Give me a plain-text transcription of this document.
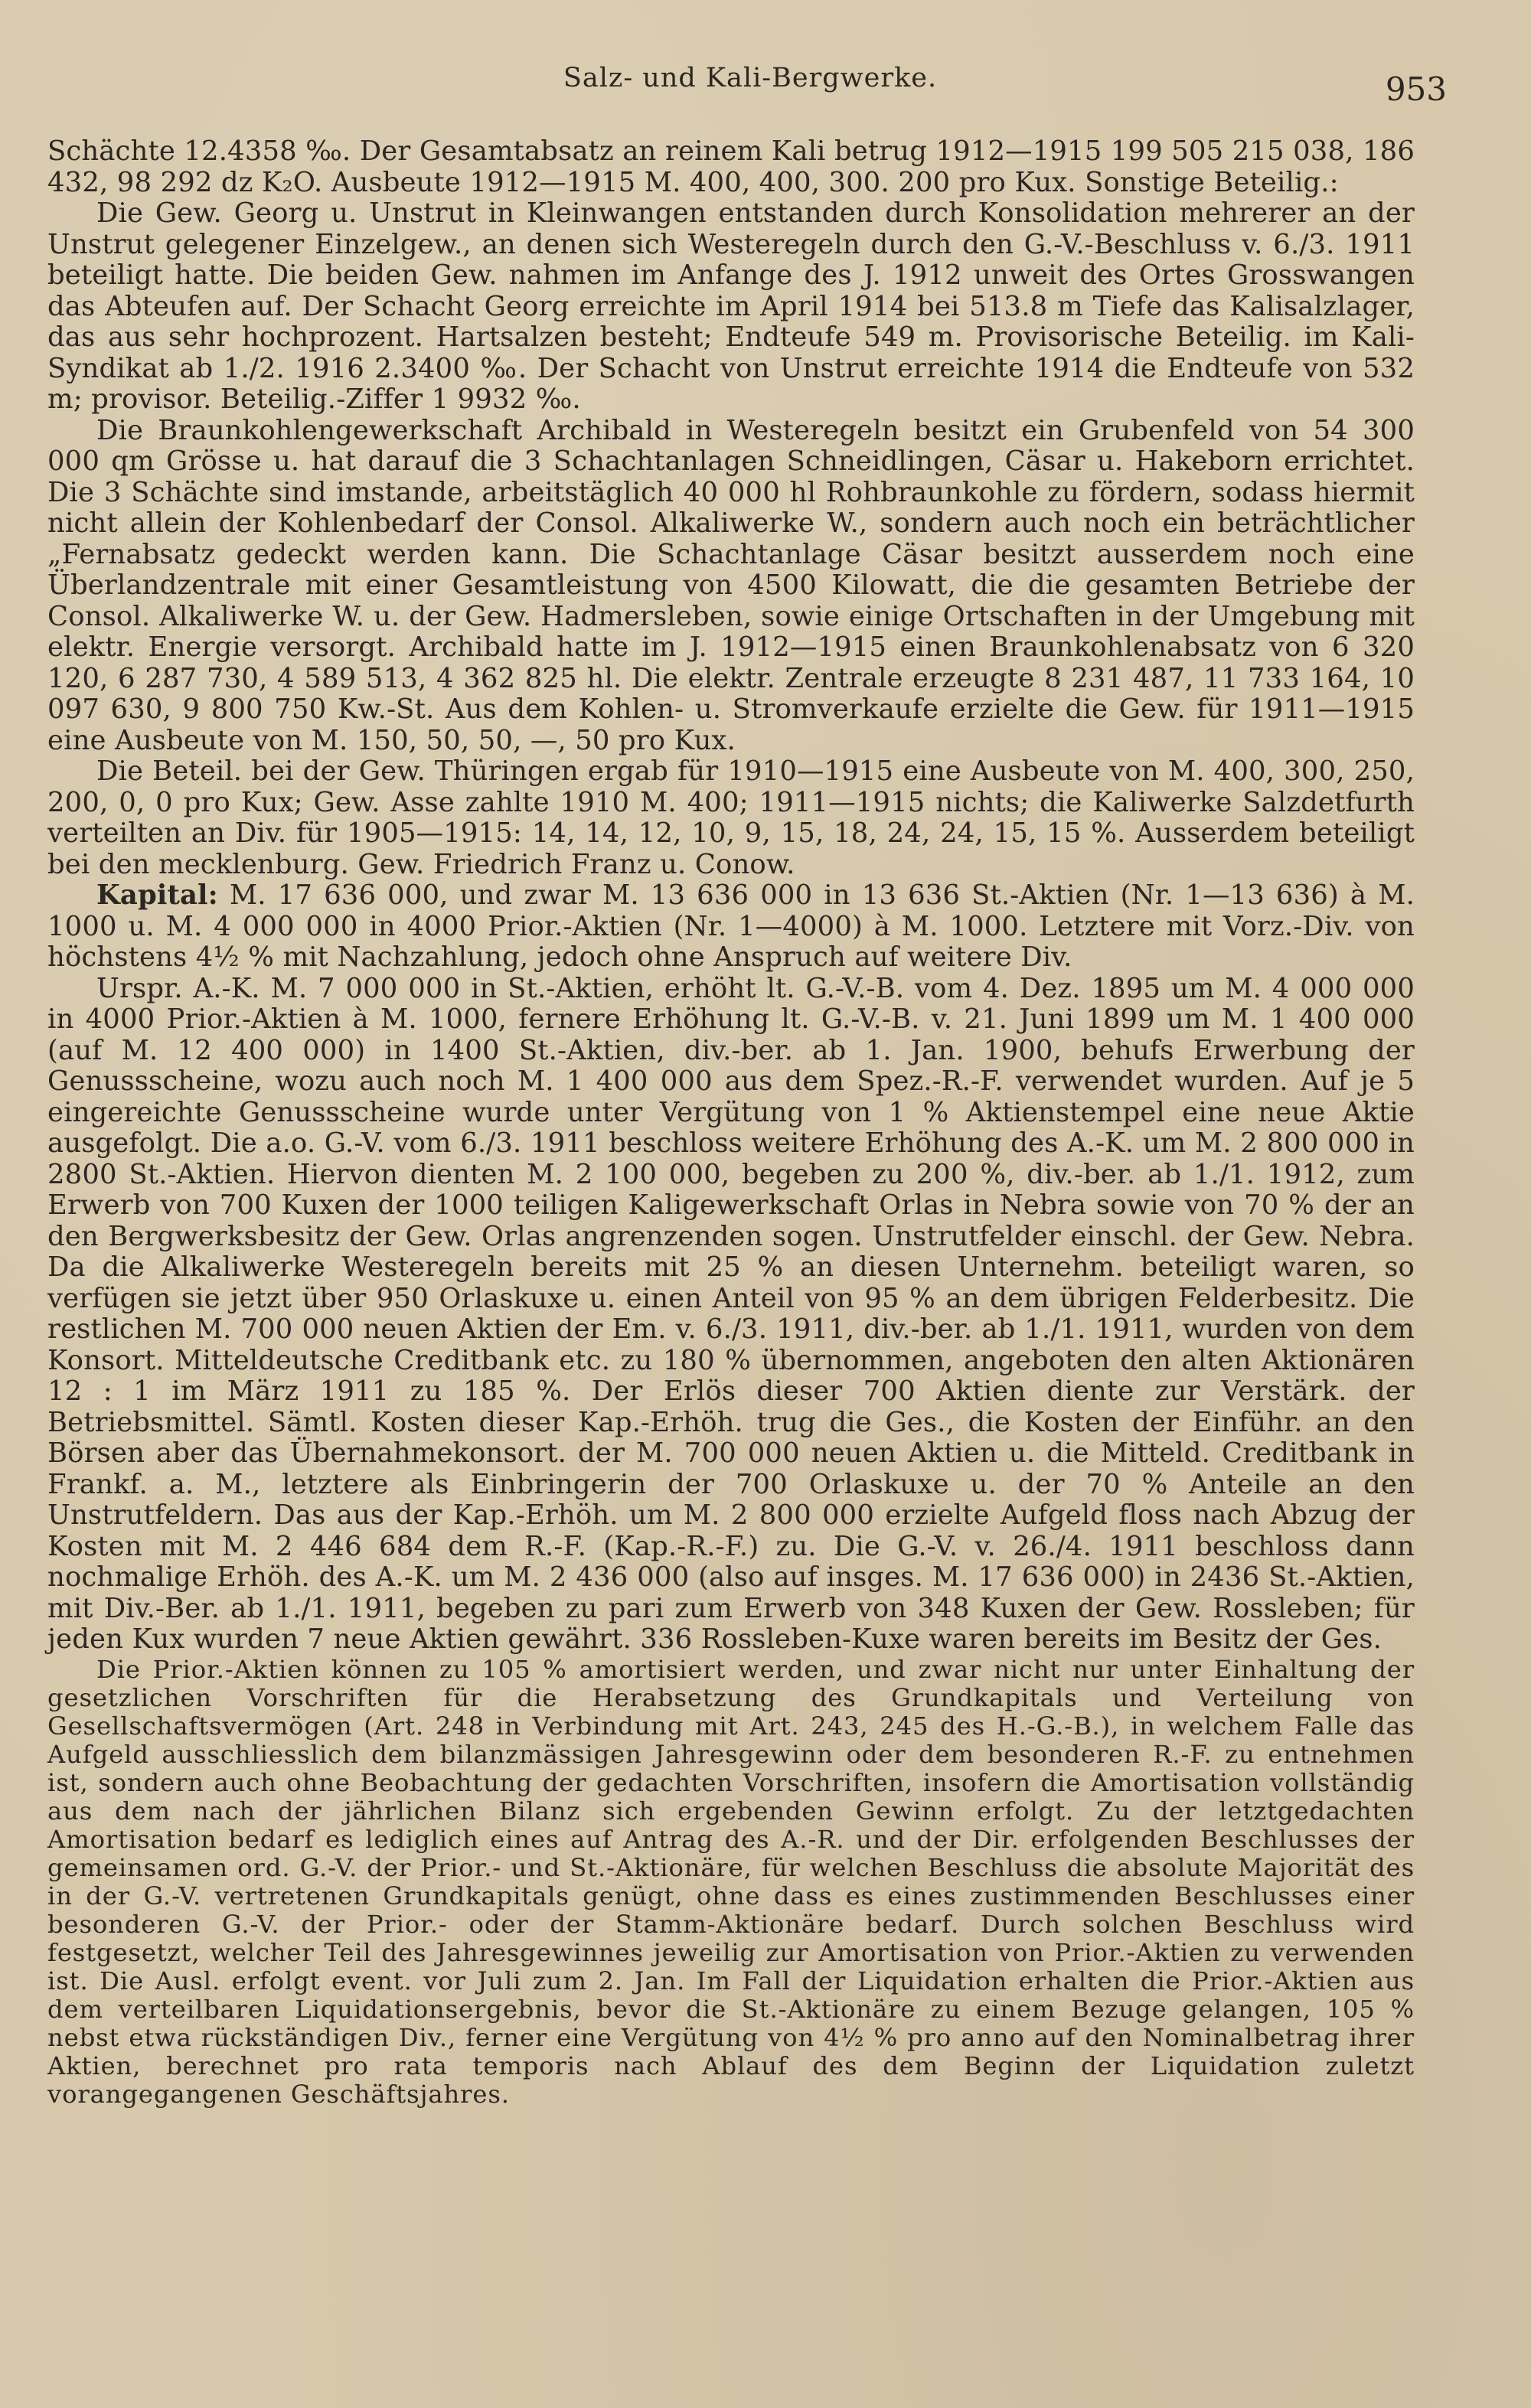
Salz- und Kali-Bergwerke.	953

Schächte 12.4358 ‰. Der Gesamtabsatz an reinem Kali betrug 1912—1915 199 505 215 038, 186 432, 98 292 dz K₂O. Ausbeute 1912—1915 M. 400, 400, 300. 200 pro Kux. Sonstige Beteilig.:

Die Gew. Georg u. Unstrut in Kleinwangen entstanden durch Konsolidation mehrerer an der Unstrut gelegener Einzelgew., an denen sich Westeregeln durch den G.-V.-Beschluss v. 6./3. 1911 beteiligt hatte. Die beiden Gew. nahmen im Anfange des J. 1912 unweit des Ortes Grosswangen das Abteufen auf. Der Schacht Georg erreichte im April 1914 bei 513.8 m Tiefe das Kalisalzlager, das aus sehr hochprozent. Hartsalzen besteht; Endteufe 549 m. Provisorische Beteilig. im Kali-Syndikat ab 1./2. 1916 2.3400 ‰. Der Schacht von Unstrut erreichte 1914 die Endteufe von 532 m; provisor. Beteilig.-Ziffer 1 9932 ‰.

Die Braunkohlengewerkschaft Archibald in Westeregeln besitzt ein Grubenfeld von 54 300 000 qm Grösse u. hat darauf die 3 Schachtanlagen Schneidlingen, Cäsar u. Hakeborn errichtet. Die 3 Schächte sind imstande, arbeitstäglich 40 000 hl Rohbraunkohle zu fördern, sodass hiermit nicht allein der Kohlenbedarf der Consol. Alkaliwerke W., sondern auch noch ein beträchtlicher „Fernabsatz gedeckt werden kann. Die Schachtanlage Cäsar besitzt ausserdem noch eine Überlandzentrale mit einer Gesamtleistung von 4500 Kilowatt, die die gesamten Betriebe der Consol. Alkaliwerke W. u. der Gew. Hadmersleben, sowie einige Ortschaften in der Umgebung mit elektr. Energie versorgt. Archibald hatte im J. 1912—1915 einen Braunkohlenabsatz von 6 320 120, 6 287 730, 4 589 513, 4 362 825 hl. Die elektr. Zentrale erzeugte 8 231 487, 11 733 164, 10 097 630, 9 800 750 Kw.-St. Aus dem Kohlen- u. Stromverkaufe erzielte die Gew. für 1911—1915 eine Ausbeute von M. 150, 50, 50, —, 50 pro Kux.

Die Beteil. bei der Gew. Thüringen ergab für 1910—1915 eine Ausbeute von M. 400, 300, 250, 200, 0, 0 pro Kux; Gew. Asse zahlte 1910 M. 400; 1911—1915 nichts; die Kaliwerke Salzdetfurth verteilten an Div. für 1905—1915: 14, 14, 12, 10, 9, 15, 18, 24, 24, 15, 15 %. Ausserdem beteiligt bei den mecklenburg. Gew. Friedrich Franz u. Conow.

Kapital: M. 17 636 000, und zwar M. 13 636 000 in 13 636 St.-Aktien (Nr. 1—13 636) à M. 1000 u. M. 4 000 000 in 4000 Prior.-Aktien (Nr. 1—4000) à M. 1000. Letztere mit Vorz.-Div. von höchstens 4½ % mit Nachzahlung, jedoch ohne Anspruch auf weitere Div.

Urspr. A.-K. M. 7 000 000 in St.-Aktien, erhöht lt. G.-V.-B. vom 4. Dez. 1895 um M. 4 000 000 in 4000 Prior.-Aktien à M. 1000, fernere Erhöhung lt. G.-V.-B. v. 21. Juni 1899 um M. 1 400 000 (auf M. 12 400 000) in 1400 St.-Aktien, div.-ber. ab 1. Jan. 1900, behufs Erwerbung der Genussscheine, wozu auch noch M. 1 400 000 aus dem Spez.-R.-F. verwendet wurden. Auf je 5 eingereichte Genussscheine wurde unter Vergütung von 1 % Aktienstempel eine neue Aktie ausgefolgt. Die a.o. G.-V. vom 6./3. 1911 beschloss weitere Erhöhung des A.-K. um M. 2 800 000 in 2800 St.-Aktien. Hiervon dienten M. 2 100 000, begeben zu 200 %, div.-ber. ab 1./1. 1912, zum Erwerb von 700 Kuxen der 1000 teiligen Kaligewerkschaft Orlas in Nebra sowie von 70 % der an den Bergwerksbesitz der Gew. Orlas angrenzenden sogen. Unstrutfelder einschl. der Gew. Nebra. Da die Alkaliwerke Westeregeln bereits mit 25 % an diesen Unternehm. beteiligt waren, so verfügen sie jetzt über 950 Orlaskuxe u. einen Anteil von 95 % an dem übrigen Felderbesitz. Die restlichen M. 700 000 neuen Aktien der Em. v. 6./3. 1911, div.-ber. ab 1./1. 1911, wurden von dem Konsort. Mitteldeutsche Creditbank etc. zu 180 % übernommen, angeboten den alten Aktionären 12 : 1 im März 1911 zu 185 %. Der Erlös dieser 700 Aktien diente zur Verstärk. der Betriebsmittel. Sämtl. Kosten dieser Kap.-Erhöh. trug die Ges., die Kosten der Einführ. an den Börsen aber das Übernahmekonsort. der M. 700 000 neuen Aktien u. die Mitteld. Creditbank in Frankf. a. M., letztere als Einbringerin der 700 Orlaskuxe u. der 70 % Anteile an den Unstrutfeldern. Das aus der Kap.-Erhöh. um M. 2 800 000 erzielte Aufgeld floss nach Abzug der Kosten mit M. 2 446 684 dem R.-F. (Kap.-R.-F.) zu. Die G.-V. v. 26./4. 1911 beschloss dann nochmalige Erhöh. des A.-K. um M. 2 436 000 (also auf insges. M. 17 636 000) in 2436 St.-Aktien, mit Div.-Ber. ab 1./1. 1911, begeben zu pari zum Erwerb von 348 Kuxen der Gew. Rossleben; für jeden Kux wurden 7 neue Aktien gewährt. 336 Rossleben-Kuxe waren bereits im Besitz der Ges.

Die Prior.-Aktien können zu 105 % amortisiert werden, und zwar nicht nur unter Einhaltung der gesetzlichen Vorschriften für die Herabsetzung des Grundkapitals und Verteilung von Gesellschaftsvermögen (Art. 248 in Verbindung mit Art. 243, 245 des H.-G.-B.), in welchem Falle das Aufgeld ausschliesslich dem bilanzmässigen Jahresgewinn oder dem besonderen R.-F. zu entnehmen ist, sondern auch ohne Beobachtung der gedachten Vorschriften, insofern die Amortisation vollständig aus dem nach der jährlichen Bilanz sich ergebenden Gewinn erfolgt. Zu der letztgedachten Amortisation bedarf es lediglich eines auf Antrag des A.-R. und der Dir. erfolgenden Beschlusses der gemeinsamen ord. G.-V. der Prior.- und St.-Aktionäre, für welchen Beschluss die absolute Majorität des in der G.-V. vertretenen Grundkapitals genügt, ohne dass es eines zustimmenden Beschlusses einer besonderen G.-V. der Prior.- oder der Stamm-Aktionäre bedarf. Durch solchen Beschluss wird festgesetzt, welcher Teil des Jahresgewinnes jeweilig zur Amortisation von Prior.-Aktien zu verwenden ist. Die Ausl. erfolgt event. vor Juli zum 2. Jan. Im Fall der Liquidation erhalten die Prior.-Aktien aus dem verteilbaren Liquidationsergebnis, bevor die St.-Aktionäre zu einem Bezuge gelangen, 105 % nebst etwa rückständigen Div., ferner eine Vergütung von 4½ % pro anno auf den Nominalbetrag ihrer Aktien, berechnet pro rata temporis nach Ablauf des dem Beginn der Liquidation zuletzt vorangegangenen Geschäftsjahres.
